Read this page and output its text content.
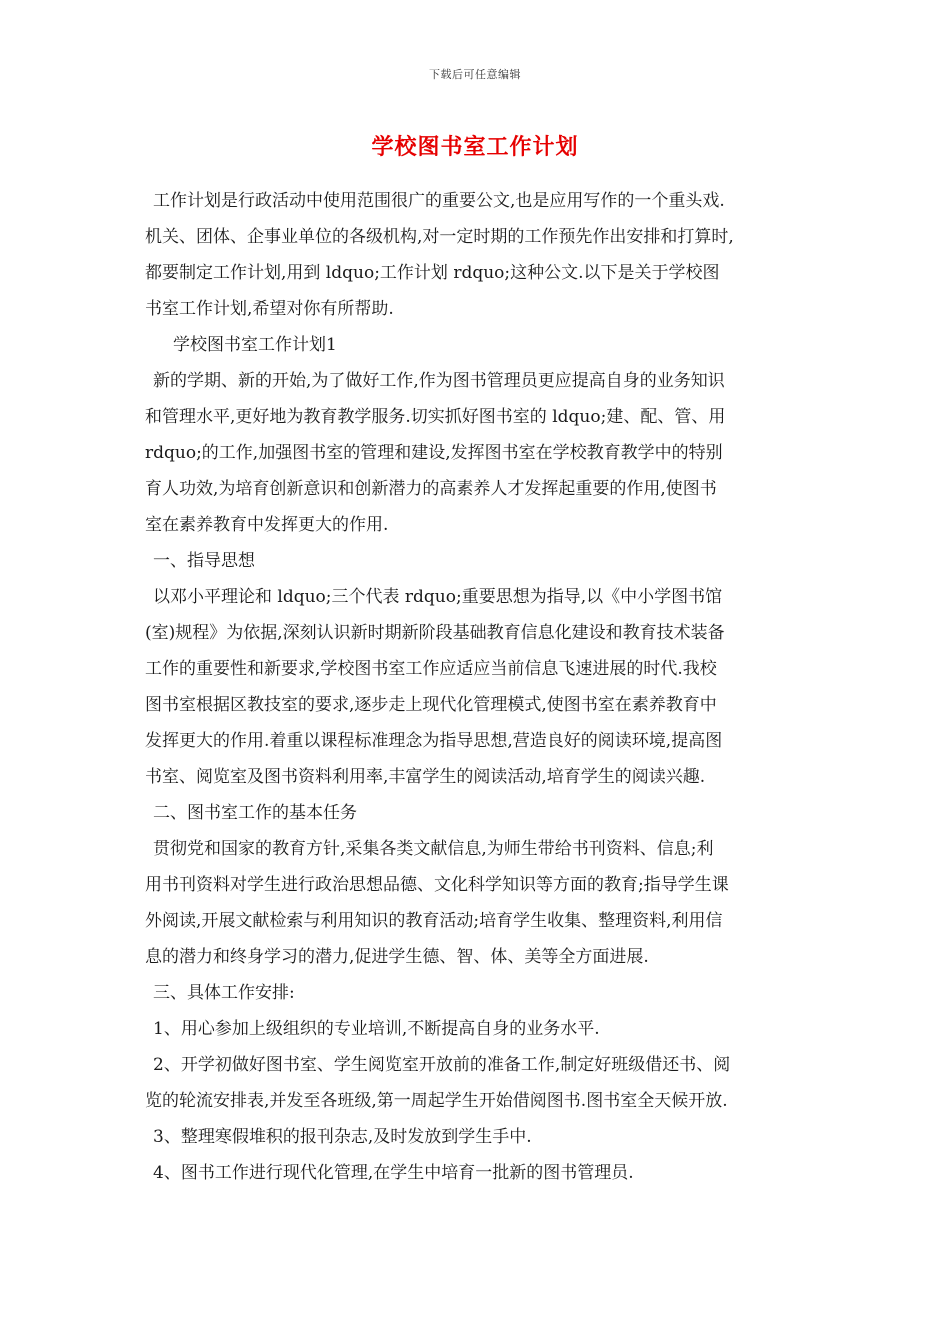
下载后可任意编辑
学校图书室工作计划
工作计划是行政活动中使用范围很广的重要公文,也是应用写作的一个重头戏.
机关、团体、企事业单位的各级机构,对一定时期的工作预先作出安排和打算时,
都要制定工作计划,用到 ldquo;工作计划 rdquo;这种公文.以下是关于学校图
书室工作计划,希望对你有所帮助.
学校图书室工作计划1
新的学期、新的开始,为了做好工作,作为图书管理员更应提高自身的业务知识
和管理水平,更好地为教育教学服务.切实抓好图书室的 ldquo;建、配、管、用
rdquo;的工作,加强图书室的管理和建设,发挥图书室在学校教育教学中的特别
育人功效,为培育创新意识和创新潜力的高素养人才发挥起重要的作用,使图书
室在素养教育中发挥更大的作用.
一、指导思想
以邓小平理论和 ldquo;三个代表 rdquo;重要思想为指导,以《中小学图书馆
(室)规程》为依据,深刻认识新时期新阶段基础教育信息化建设和教育技术装备
工作的重要性和新要求,学校图书室工作应适应当前信息飞速进展的时代.我校
图书室根据区教技室的要求,逐步走上现代化管理模式,使图书室在素养教育中
发挥更大的作用.着重以课程标准理念为指导思想,营造良好的阅读环境,提高图
书室、阅览室及图书资料利用率,丰富学生的阅读活动,培育学生的阅读兴趣.
二、图书室工作的基本任务
贯彻党和国家的教育方针,采集各类文献信息,为师生带给书刊资料、信息;利
用书刊资料对学生进行政治思想品德、文化科学知识等方面的教育;指导学生课
外阅读,开展文献检索与利用知识的教育活动;培育学生收集、整理资料,利用信
息的潜力和终身学习的潜力,促进学生德、智、体、美等全方面进展.
三、具体工作安排:
1、用心参加上级组织的专业培训,不断提高自身的业务水平.
2、开学初做好图书室、学生阅览室开放前的准备工作,制定好班级借还书、阅
览的轮流安排表,并发至各班级,第一周起学生开始借阅图书.图书室全天候开放.
3、整理寒假堆积的报刊杂志,及时发放到学生手中.
4、图书工作进行现代化管理,在学生中培育一批新的图书管理员.
